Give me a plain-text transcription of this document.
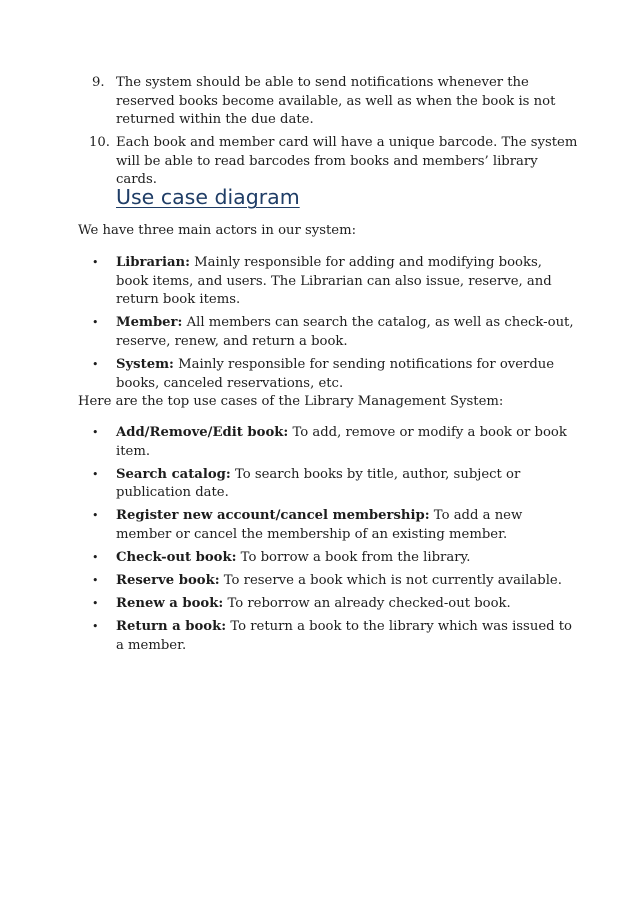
9. The system should be able to send notifications whenever the reserved books become available, as well as when the book is not returned within the due date.
10. Each book and member card will have a unique barcode. The system will be able to read barcodes from books and members’ library cards.
Use case diagram

We have three main actors in our system:

• Librarian: Mainly responsible for adding and modifying books, book items, and users. The Librarian can also issue, reserve, and return book items.
• Member: All members can search the catalog, as well as check-out, reserve, renew, and return a book.
• System: Mainly responsible for sending notifications for overdue books, canceled reservations, etc.

Here are the top use cases of the Library Management System:

• Add/Remove/Edit book: To add, remove or modify a book or book item.
• Search catalog: To search books by title, author, subject or publication date.
• Register new account/cancel membership: To add a new member or cancel the membership of an existing member.
• Check-out book: To borrow a book from the library.
• Reserve book: To reserve a book which is not currently available.
• Renew a book: To reborrow an already checked-out book.
• Return a book: To return a book to the library which was issued to a member.
